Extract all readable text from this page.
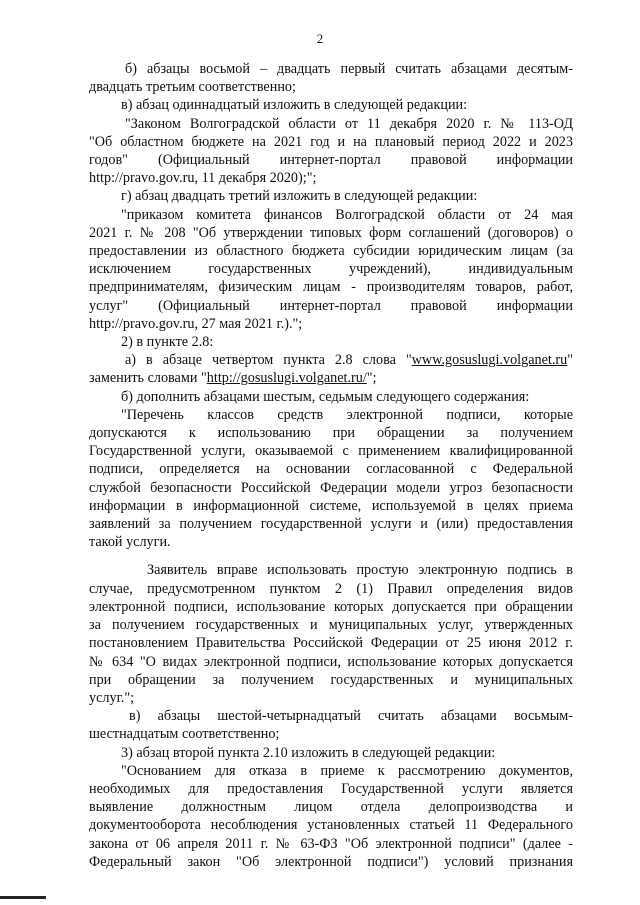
2

б) абзацы восьмой – двадцать первый считать абзацами десятым-

двадцать третьим соответственно;

в) абзац одиннадцатый изложить в следующей редакции:

"Законом Волгоградской области от 11 декабря 2020 г. № 113-ОД

"Об областном бюджете на 2021 год и на плановый период 2022 и 2023

годов" (Официальный интернет-портал правовой информации

http://pravo.gov.ru, 11 декабря 2020);";

г) абзац двадцать третий изложить в следующей редакции:

"приказом комитета финансов Волгоградской области от 24 мая

2021 г. № 208 "Об утверждении типовых форм соглашений (договоров) о

предоставлении из областного бюджета субсидии юридическим лицам (за

исключением государственных учреждений), индивидуальным

предпринимателям, физическим лицам - производителям товаров, работ,

услуг" (Официальный интернет-портал правовой информации

http://pravo.gov.ru, 27 мая 2021 г.).";

2) в пункте 2.8:

а) в абзаце четвертом пункта 2.8 слова "www.gosuslugi.volganet.ru"

заменить словами "http://gosuslugi.volganet.ru/";

б) дополнить абзацами шестым, седьмым следующего содержания:

"Перечень классов средств электронной подписи, которые

допускаются к использованию при обращении за получением

Государственной услуги, оказываемой с применением квалифицированной

подписи, определяется на основании согласованной с Федеральной

службой безопасности Российской Федерации модели угроз безопасности

информации в информационной системе, используемой в целях приема

заявлений за получением государственной услуги и (или) предоставления

такой услуги.

Заявитель вправе использовать простую электронную подпись в

случае, предусмотренном пунктом 2 (1) Правил определения видов

электронной подписи, использование которых допускается при обращении

за получением государственных и муниципальных услуг, утвержденных

постановлением Правительства Российской Федерации от 25 июня 2012 г.

№ 634 "О видах электронной подписи, использование которых допускается

при обращении за получением государственных и муниципальных

услуг.";

в) абзацы шестой-четырнадцатый считать абзацами восьмым-

шестнадцатым соответственно;

3) абзац второй пункта 2.10 изложить в следующей редакции:

"Основанием для отказа в приеме к рассмотрению документов,

необходимых для предоставления Государственной услуги является

выявление должностным лицом отдела делопроизводства и

документооборота несоблюдения установленных статьей 11 Федерального

закона от 06 апреля 2011 г. № 63-ФЗ "Об электронной подписи" (далее -

Федеральный закон "Об электронной подписи") условий признания
